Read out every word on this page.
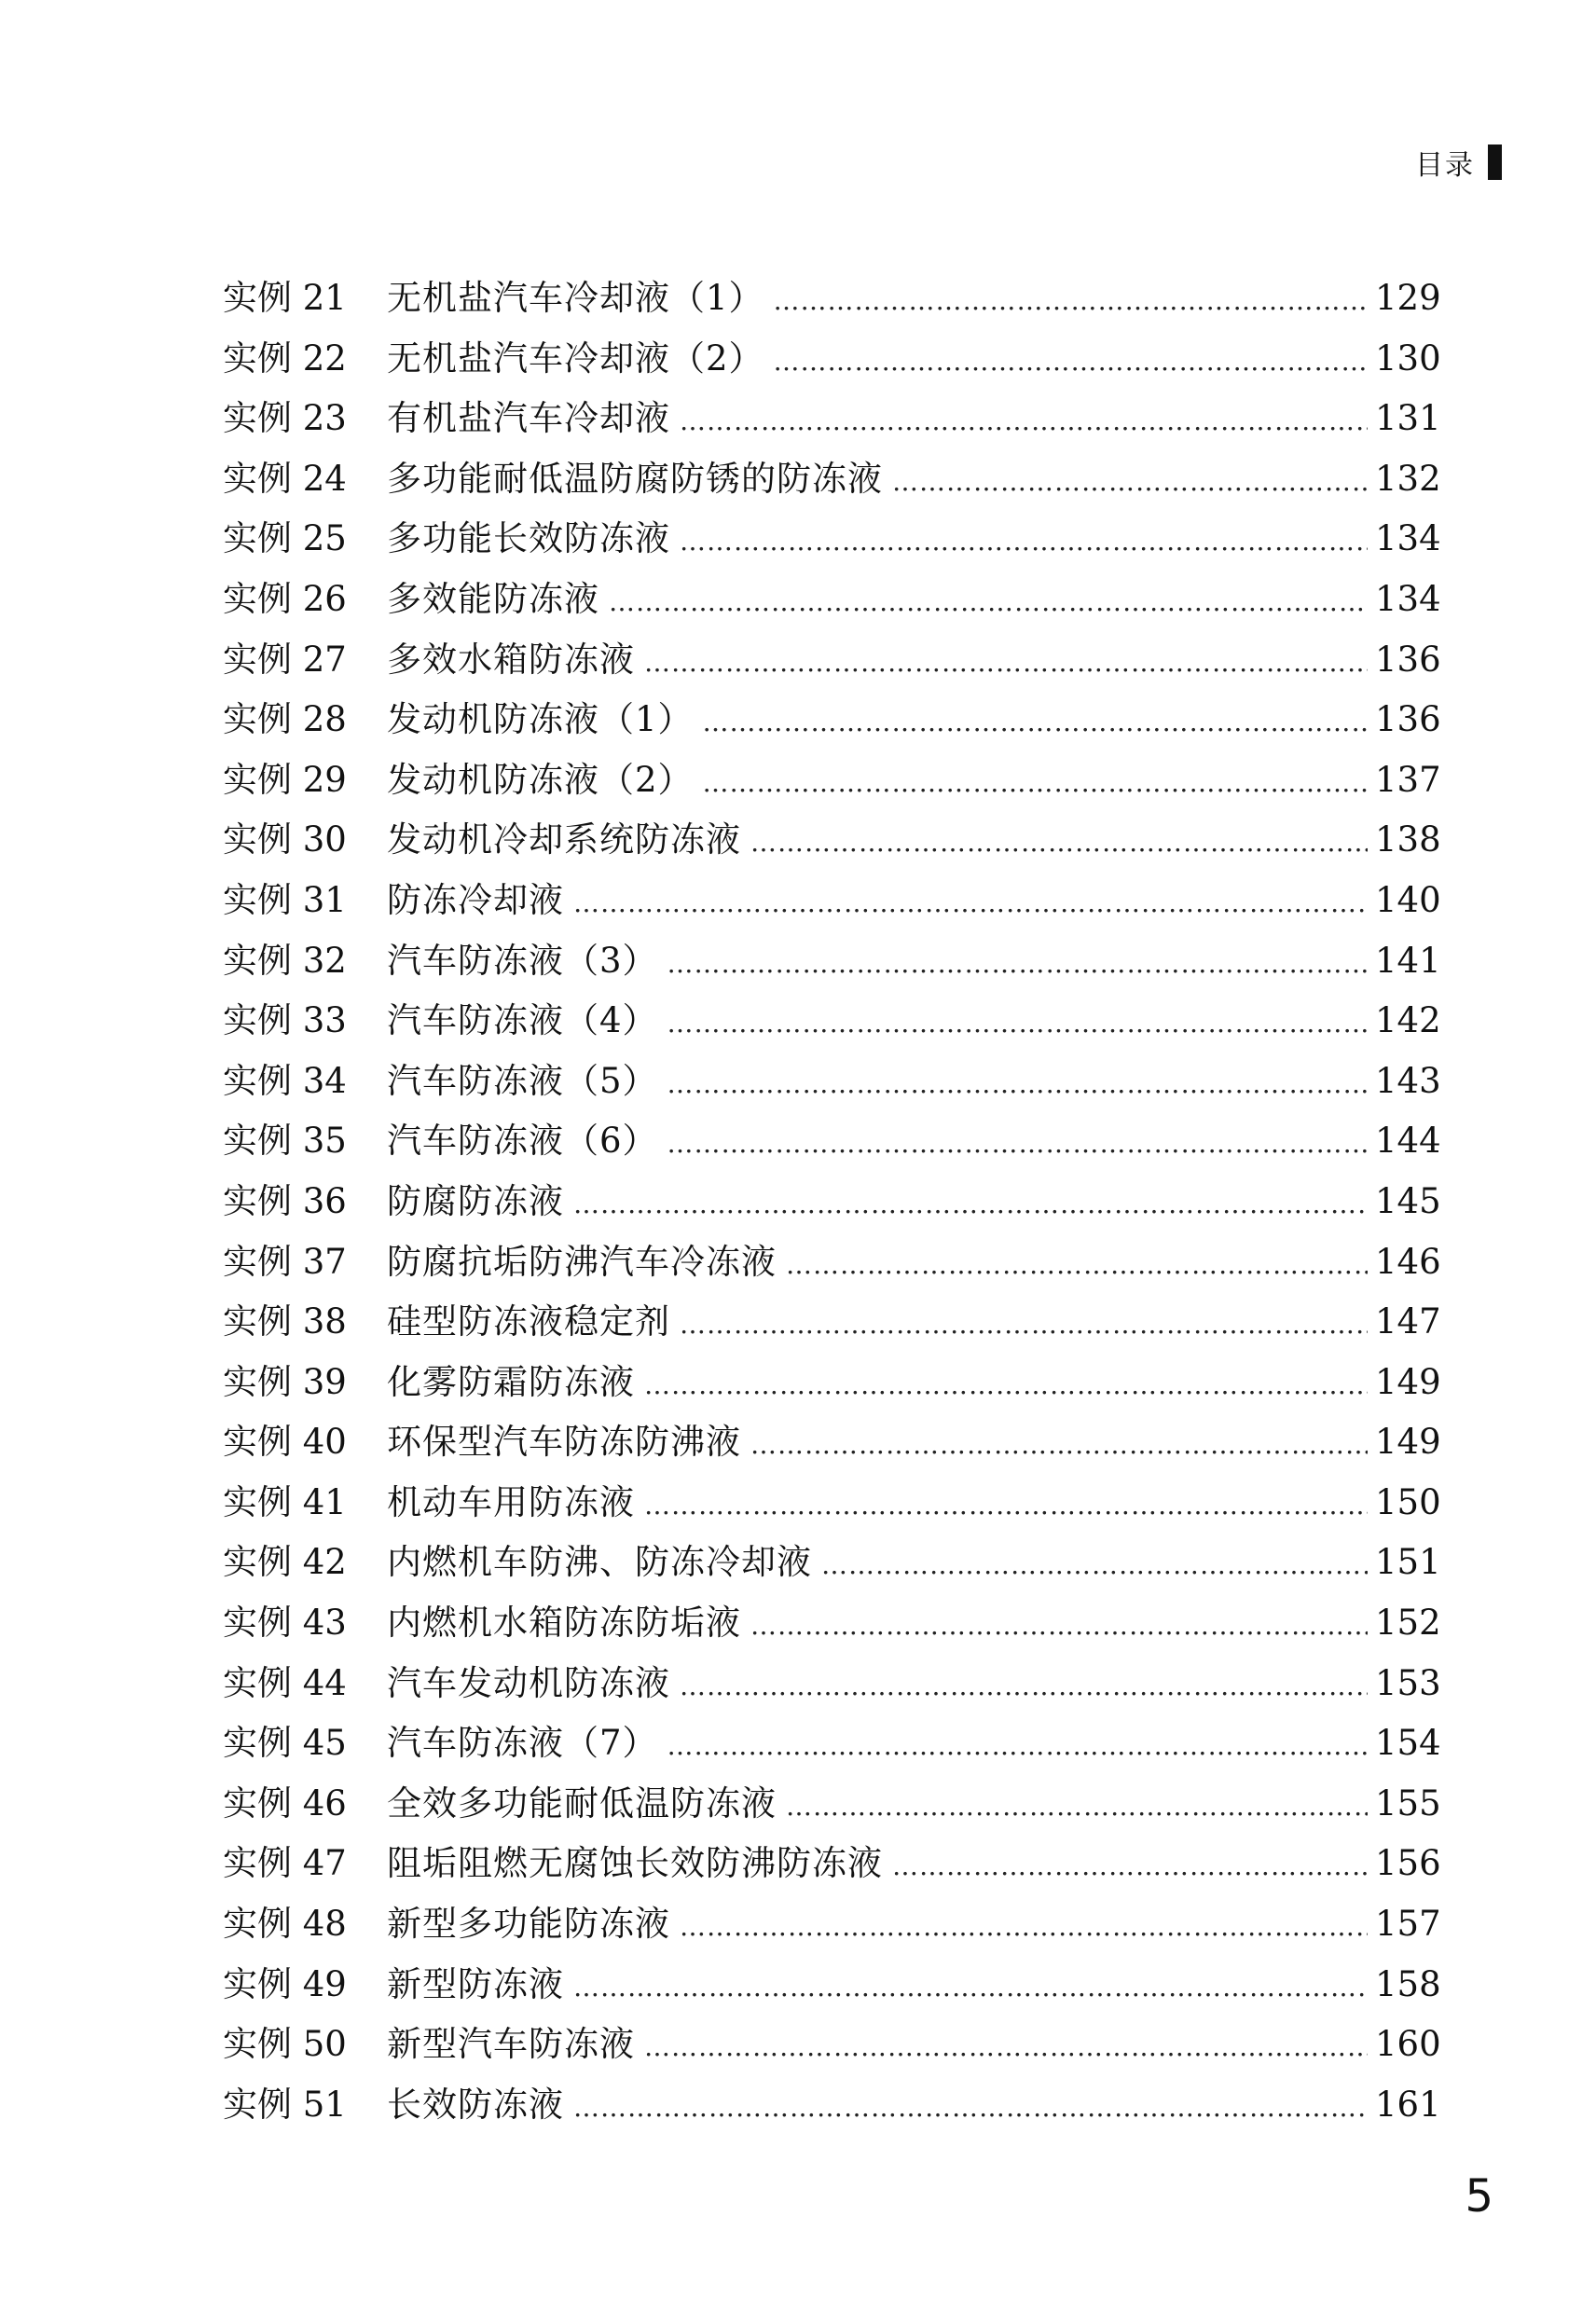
目录
实例 21	无机盐汽车冷却液（1） …………………………………………………………………………………………………………………………………	129
实例 22	无机盐汽车冷却液（2） …………………………………………………………………………………………………………………………………	130
实例 23	有机盐汽车冷却液 …………………………………………………………………………………………………………………………………	131
实例 24	多功能耐低温防腐防锈的防冻液 …………………………………………………………………………………………………………………………………	132
实例 25	多功能长效防冻液 …………………………………………………………………………………………………………………………………	134
实例 26	多效能防冻液 …………………………………………………………………………………………………………………………………	134
实例 27	多效水箱防冻液 …………………………………………………………………………………………………………………………………	136
实例 28	发动机防冻液（1） …………………………………………………………………………………………………………………………………	136
实例 29	发动机防冻液（2） …………………………………………………………………………………………………………………………………	137
实例 30	发动机冷却系统防冻液 …………………………………………………………………………………………………………………………………	138
实例 31	防冻冷却液 …………………………………………………………………………………………………………………………………	140
实例 32	汽车防冻液（3） …………………………………………………………………………………………………………………………………	141
实例 33	汽车防冻液（4） …………………………………………………………………………………………………………………………………	142
实例 34	汽车防冻液（5） …………………………………………………………………………………………………………………………………	143
实例 35	汽车防冻液（6） …………………………………………………………………………………………………………………………………	144
实例 36	防腐防冻液 …………………………………………………………………………………………………………………………………	145
实例 37	防腐抗垢防沸汽车冷冻液 …………………………………………………………………………………………………………………………………	146
实例 38	硅型防冻液稳定剂 …………………………………………………………………………………………………………………………………	147
实例 39	化雾防霜防冻液 …………………………………………………………………………………………………………………………………	149
实例 40	环保型汽车防冻防沸液 …………………………………………………………………………………………………………………………………	149
实例 41	机动车用防冻液 …………………………………………………………………………………………………………………………………	150
实例 42	内燃机车防沸、防冻冷却液 …………………………………………………………………………………………………………………………………	151
实例 43	内燃机水箱防冻防垢液 …………………………………………………………………………………………………………………………………	152
实例 44	汽车发动机防冻液 …………………………………………………………………………………………………………………………………	153
实例 45	汽车防冻液（7） …………………………………………………………………………………………………………………………………	154
实例 46	全效多功能耐低温防冻液 …………………………………………………………………………………………………………………………………	155
实例 47	阻垢阻燃无腐蚀长效防沸防冻液 …………………………………………………………………………………………………………………………………	156
实例 48	新型多功能防冻液 …………………………………………………………………………………………………………………………………	157
实例 49	新型防冻液 …………………………………………………………………………………………………………………………………	158
实例 50	新型汽车防冻液 …………………………………………………………………………………………………………………………………	160
实例 51	长效防冻液 …………………………………………………………………………………………………………………………………	161
5
